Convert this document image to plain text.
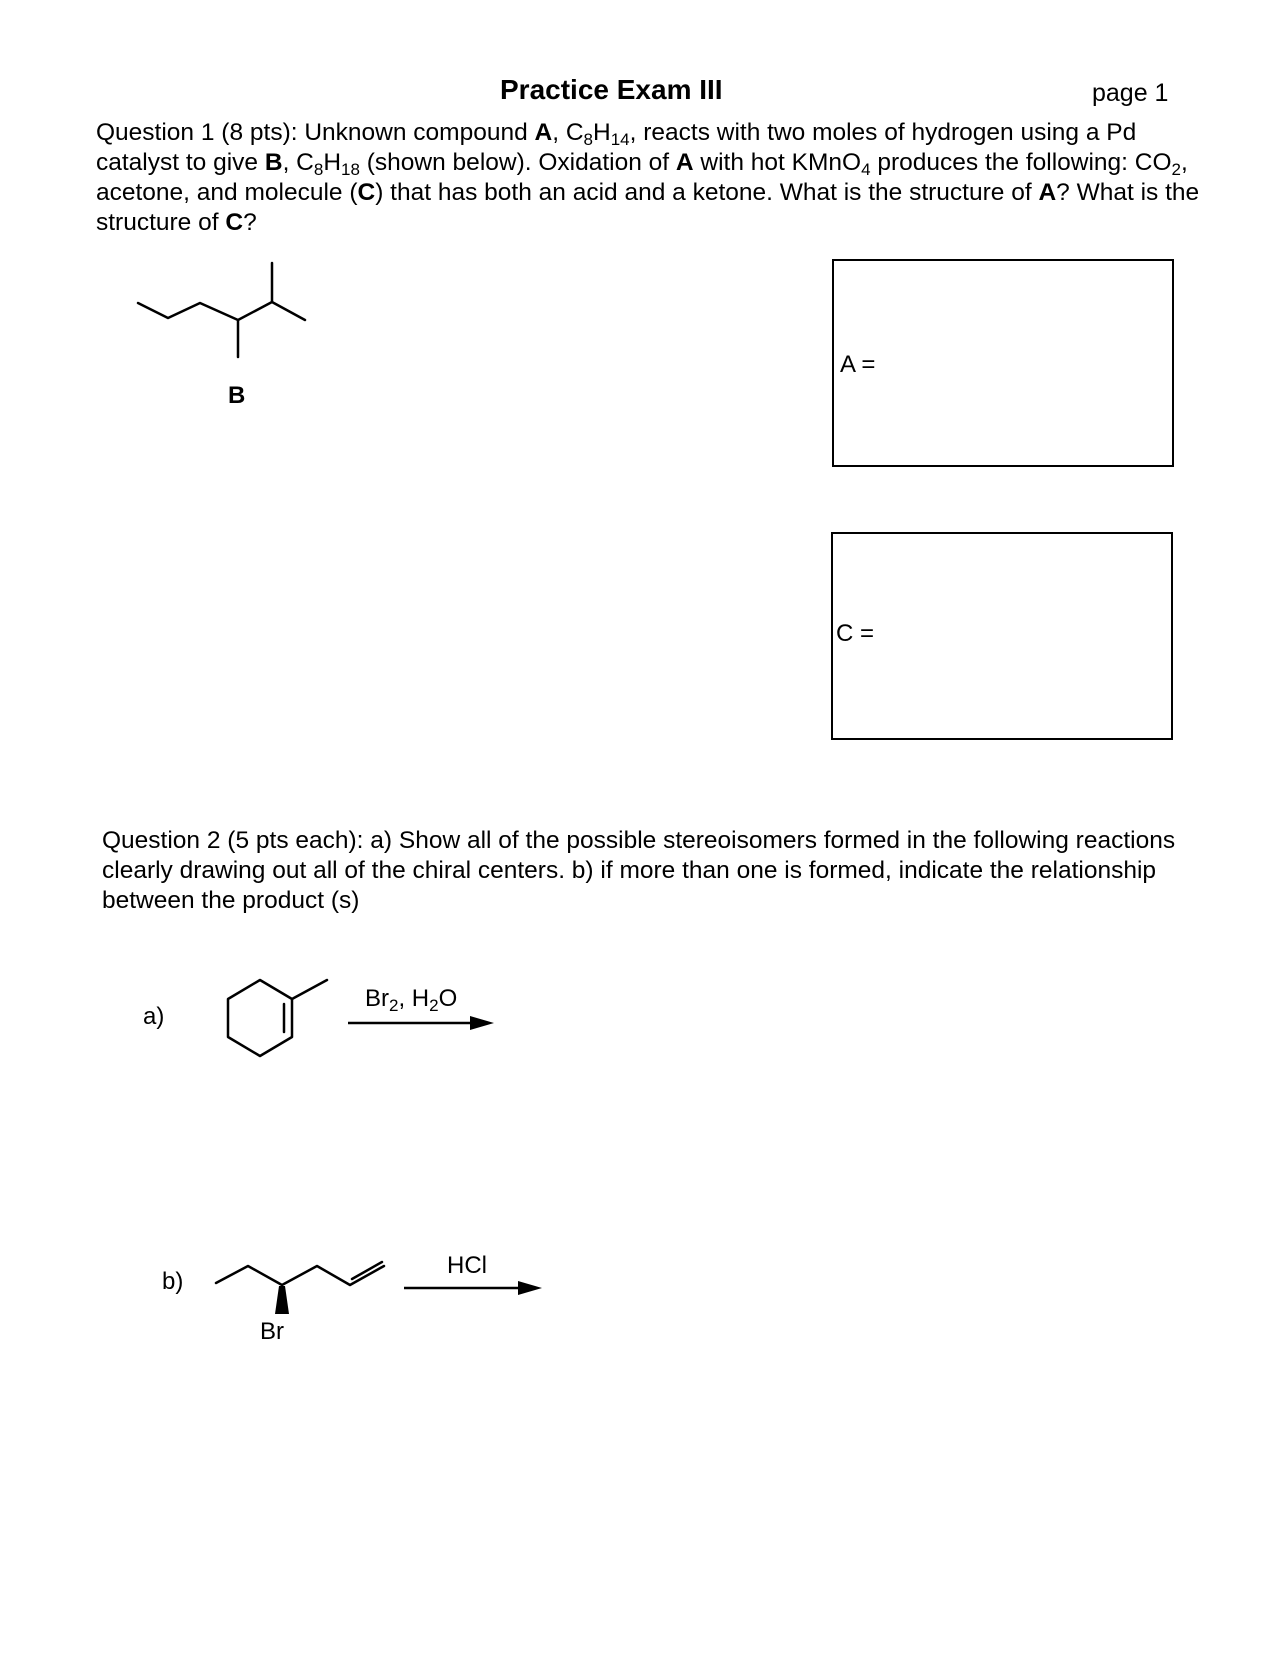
Practice Exam III	page 1
Question 1 (8 pts): Unknown compound A, $C_8H_{14}$, reacts with two moles of hydrogen using a Pd catalyst to give B, $C_8H_{18}$ (shown below). Oxidation of A with hot KMnO$_4$ produces the following: $CO_2$, acetone, and molecule (C) that has both an acid and a ketone. What is the structure of A? What is the structure of C?
B
A =
C =
Question 2 (5 pts each): a) Show all of the possible stereoisomers formed in the following reactions clearly drawing out all of the chiral centers. b) if more than one is formed, indicate the relationship between the product (s)
a)
$Br_2$, $H_2O$
b)
HCl
Br
